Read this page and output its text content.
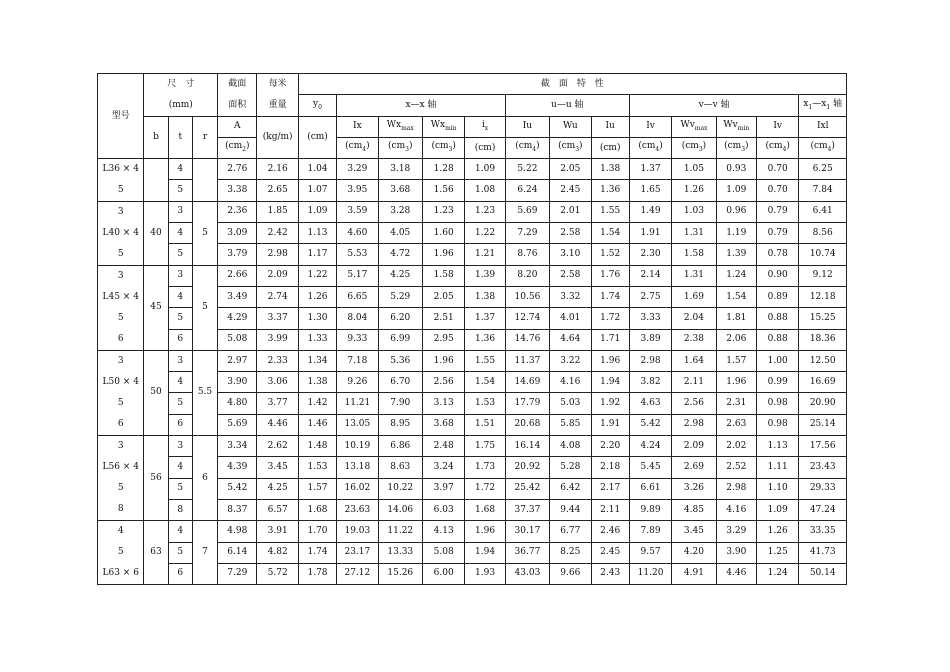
型号	尺　寸			截面	每米	截　面　特　性												
	(mm)			面积	重量	$y_0$	x—x 轴				u—u 轴			v—v 轴				$x_1—x_1$ 轴
	b	t	r	A	(kg/m)	(cm)	Ix	$Wx_{max}$	$Wx_{min}$	$i_x$	Iu	Wu	Iu	Iv	$Wv_{max}$	$Wv_{min}$	Iv	Ixl
				$(cm_2)$			$(cm_4)$	$(cm_3)$	$(cm_3)$	(cm)	$(cm_4)$	$(cm_3)$	(cm)	$(cm_4)$	$(cm_3)$	$(cm_3)$	$(cm_4)$	$(cm_4)$
L36 × 4		4		2.76	2.16	1.04	3.29	3.18	1.28	1.09	5.22	2.05	1.38	1.37	1.05	0.93	0.70	6.25
5		5		3.38	2.65	1.07	3.95	3.68	1.56	1.08	6.24	2.45	1.36	1.65	1.26	1.09	0.70	7.84
3	40	3	5	2.36	1.85	1.09	3.59	3.28	1.23	1.23	5.69	2.01	1.55	1.49	1.03	0.96	0.79	6.41
L40 × 4		4		3.09	2.42	1.13	4.60	4.05	1.60	1.22	7.29	2.58	1.54	1.91	1.31	1.19	0.79	8.56
5		5		3.79	2.98	1.17	5.53	4.72	1.96	1.21	8.76	3.10	1.52	2.30	1.58	1.39	0.78	10.74
3	45	3	5	2.66	2.09	1.22	5.17	4.25	1.58	1.39	8.20	2.58	1.76	2.14	1.31	1.24	0.90	9.12
L45 × 4		4		3.49	2.74	1.26	6.65	5.29	2.05	1.38	10.56	3.32	1.74	2.75	1.69	1.54	0.89	12.18
5		5		4.29	3.37	1.30	8.04	6.20	2.51	1.37	12.74	4.01	1.72	3.33	2.04	1.81	0.88	15.25
6		6		5.08	3.99	1.33	9.33	6.99	2.95	1.36	14.76	4.64	1.71	3.89	2.38	2.06	0.88	18.36
3	50	3	5.5	2.97	2.33	1.34	7.18	5.36	1.96	1.55	11.37	3.22	1.96	2.98	1.64	1.57	1.00	12.50
L50 × 4		4		3.90	3.06	1.38	9.26	6.70	2.56	1.54	14.69	4.16	1.94	3.82	2.11	1.96	0.99	16.69
5		5		4.80	3.77	1.42	11.21	7.90	3.13	1.53	17.79	5.03	1.92	4.63	2.56	2.31	0.98	20.90
6		6		5.69	4.46	1.46	13.05	8.95	3.68	1.51	20.68	5.85	1.91	5.42	2.98	2.63	0.98	25.14
3	56	3	6	3.34	2.62	1.48	10.19	6.86	2.48	1.75	16.14	4.08	2.20	4.24	2.09	2.02	1.13	17.56
L56 × 4		4		4.39	3.45	1.53	13.18	8.63	3.24	1.73	20.92	5.28	2.18	5.45	2.69	2.52	1.11	23.43
5		5		5.42	4.25	1.57	16.02	10.22	3.97	1.72	25.42	6.42	2.17	6.61	3.26	2.98	1.10	29.33
8		8		8.37	6.57	1.68	23.63	14.06	6.03	1.68	37.37	9.44	2.11	9.89	4.85	4.16	1.09	47.24
4	63	4	7	4.98	3.91	1.70	19.03	11.22	4.13	1.96	30.17	6.77	2.46	7.89	3.45	3.29	1.26	33.35
5		5		6.14	4.82	1.74	23.17	13.33	5.08	1.94	36.77	8.25	2.45	9.57	4.20	3.90	1.25	41.73
L63 × 6		6		7.29	5.72	1.78	27.12	15.26	6.00	1.93	43.03	9.66	2.43	11.20	4.91	4.46	1.24	50.14
